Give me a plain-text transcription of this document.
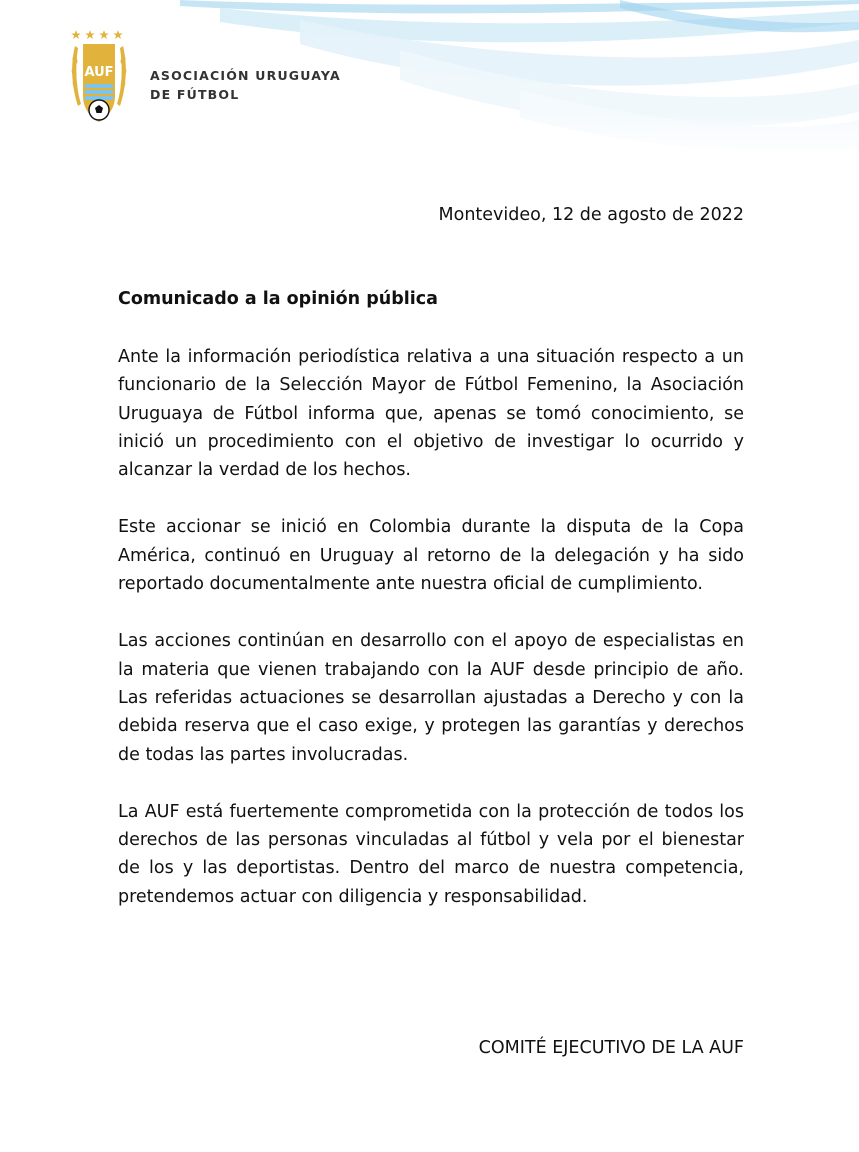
AUF	ASOCIACIÓN URUGUAYA
DE FÚTBOL
Montevideo, 12 de agosto de 2022
Comunicado a la opinión pública

Ante la información periodística relativa a una situación respecto a un funcionario de la Selección Mayor de Fútbol Femenino, la Asociación Uruguaya de Fútbol informa que, apenas se tomó conocimiento, se inició un procedimiento con el objetivo de investigar lo ocurrido y alcanzar la verdad de los hechos.

Este accionar se inició en Colombia durante la disputa de la Copa América, continuó en Uruguay al retorno de la delegación y ha sido reportado documentalmente ante nuestra oficial de cumplimiento.

Las acciones continúan en desarrollo con el apoyo de especialistas en la materia que vienen trabajando con la AUF desde principio de año. Las referidas actuaciones se desarrollan ajustadas a Derecho y con la debida reserva que el caso exige, y protegen las garantías y derechos de todas las partes involucradas.

La AUF está fuertemente comprometida con la protección de todos los derechos de las personas vinculadas al fútbol y vela por el bienestar de los y las deportistas. Dentro del marco de nuestra competencia, pretendemos actuar con diligencia y responsabilidad.

COMITÉ EJECUTIVO DE LA AUF
